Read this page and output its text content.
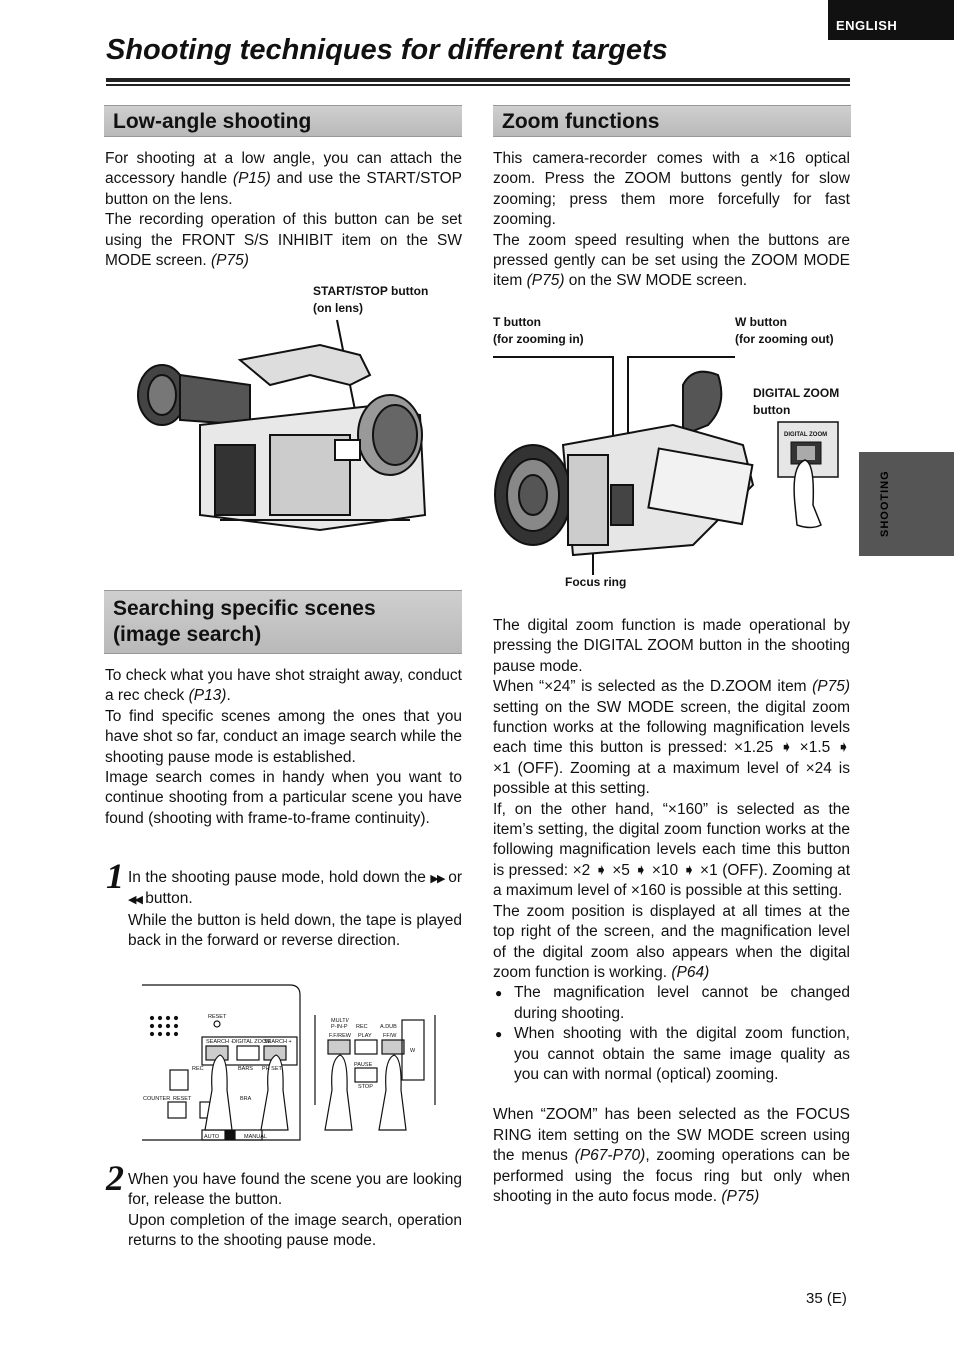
ENGLISH
Shooting techniques for different targets
SHOOTING
Low-angle shooting

For shooting at a low angle, you can attach the accessory handle (P15) and use the START/STOP button on the lens.

The recording operation of this button can be set using the FRONT S/S INHIBIT item on the SW MODE screen. (P75)

START/STOP button
(on lens)
Searching specific scenes
(image search)

To check what you have shot straight away, conduct a rec check (P13).

To find specific scenes among the ones that you have shot so far, conduct an image search while the shooting pause mode is established.

Image search comes in handy when you want to continue shooting from a particular scene you have found (shooting with frame-to-frame continuity).

1 In the shooting pause mode, hold down the ▶▶ or ◀◀ button.

While the button is held down, the tape is played back in the forward or reverse direction.

RESET
SEARCH −
DIGITAL ZOOM
SEARCH +
REC	BARS PH SET
COUNTER RESET	BRA
AUTO	MANUAL
MULTI/
P-IN-P REC A.DUB
F.F/REW PLAY FF/W
PAUSE
STOP
W
2 When you have found the scene you are looking for, release the button.

Upon completion of the image search, operation returns to the shooting pause mode.

Zoom functions

This camera-recorder comes with a ×16 optical zoom. Press the ZOOM buttons gently for slow zooming; press them more forcefully for fast zooming.

The zoom speed resulting when the buttons are pressed gently can be set using the ZOOM MODE item (P75) on the SW MODE screen.

T button
(for zooming in)
W button
(for zooming out)
DIGITAL ZOOM
button
Focus ring
DIGITAL ZOOM

The digital zoom function is made operational by pressing the DIGITAL ZOOM button in the shooting pause mode.

When “×24” is selected as the D.ZOOM item (P75) setting on the SW MODE screen, the digital zoom function works at the following magnification levels each time this button is pressed: ×1.25 ➧ ×1.5 ➧ ×1 (OFF). Zooming at a maximum level of ×24 is possible at this setting.

If, on the other hand, “×160” is selected as the item’s setting, the digital zoom function works at the following magnification levels each time this button is pressed: ×2 ➧ ×5 ➧ ×10 ➧ ×1 (OFF). Zooming at a maximum level of ×160 is possible at this setting.

The zoom position is displayed at all times at the top right of the screen, and the magnification level of the digital zoom also appears when the digital zoom function is working. (P64)

● The magnification level cannot be changed during shooting.
● When shooting with the digital zoom function, you cannot obtain the same image quality as you can with normal (optical) zooming.

When “ZOOM” has been selected as the FOCUS RING item setting on the SW MODE screen using the menus (P67-P70), zooming operations can be performed using the focus ring but only when shooting in the auto focus mode. (P75)

35 (E)
